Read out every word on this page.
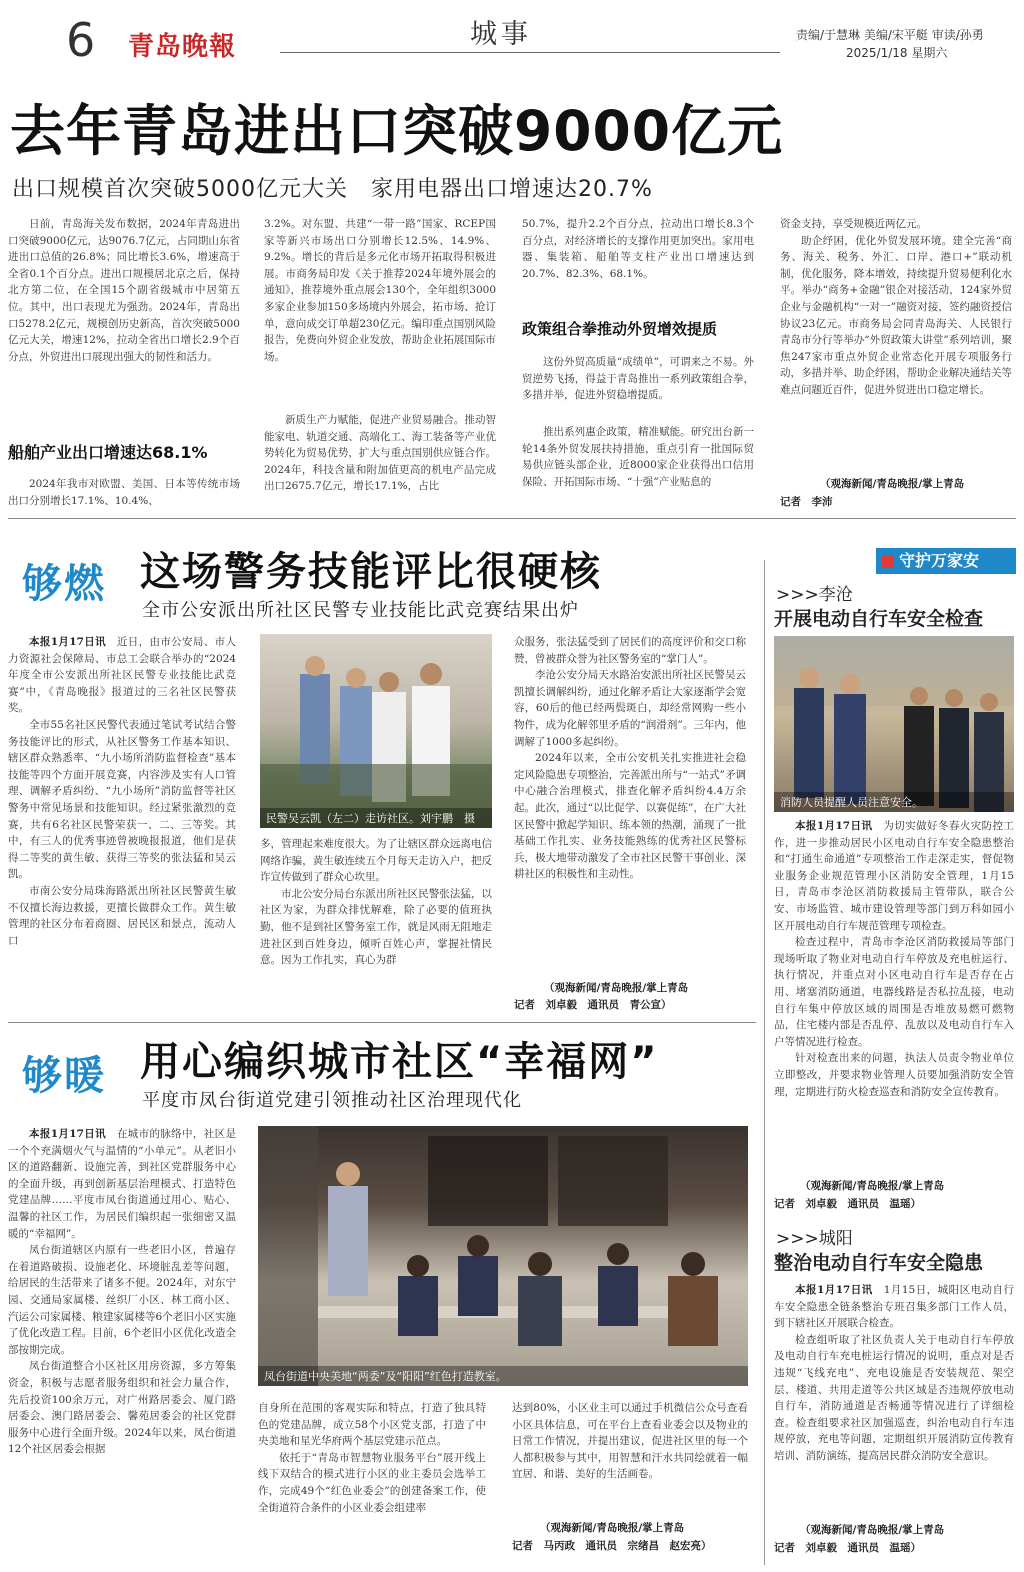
6 青岛晚報	城事	责编/于慧琳 美编/宋平艇 审读/孙勇
2025/1/18 星期六
去年青岛进出口突破9000亿元
出口规模首次突破5000亿元大关　家用电器出口增速达20.7%

日前，青岛海关发布数据，2024年青岛进出口突破9000亿元，达9076.7亿元，占同期山东省进出口总值的26.8%；同比增长3.6%，增速高于全省0.1个百分点。进出口规模居北京之后，保持北方第二位，在全国15个副省级城市中居第五位。其中，出口表现尤为强劲。2024年，青岛出口5278.2亿元，规模创历史新高，首次突破5000亿元大关，增速12%，拉动全省出口增长2.9个百分点，外贸进出口展现出强大的韧性和活力。

船舶产业出口增速达68.1%

2024年我市对欧盟、美国、日本等传统市场出口分别增长17.1%、10.4%、

3.2%。对东盟、共建“一带一路”国家、RCEP国家等新兴市场出口分别增长12.5%、14.9%、9.2%。增长的背后是多元化市场开拓取得积极进展。市商务局印发《关于推荐2024年境外展会的通知》，推荐境外重点展会130个，全年组织3000多家企业参加150多场境内外展会，拓市场、抢订单，意向成交订单超230亿元。编印重点国别风险报告，免费向外贸企业发放，帮助企业拓展国际市场。

新质生产力赋能，促进产业贸易融合。推动智能家电、轨道交通、高端化工、海工装备等产业优势转化为贸易优势，扩大与重点国别供应链合作。2024年，科技含量和附加值更高的机电产品完成出口2675.7亿元，增长17.1%，占比

50.7%，提升2.2个百分点，拉动出口增长8.3个百分点，对经济增长的支撑作用更加突出。家用电器、集装箱、船舶等支柱产业出口增速达到20.7%、82.3%、68.1%。

政策组合拳推动外贸增效提质

这份外贸高质量“成绩单”，可谓来之不易。外贸逆势飞扬，得益于青岛推出一系列政策组合拳，多措并举，促进外贸稳增提质。

推出系列惠企政策，精准赋能。研究出台新一轮14条外贸发展扶持措施，重点引育一批国际贸易供应链头部企业，近8000家企业获得出口信用保险、开拓国际市场、“十强”产业贴息的

资金支持，享受规模近两亿元。

助企纾困，优化外贸发展环境。建全完善“商务、海关、税务、外汇、口岸、港口+”联动机制，优化服务，降本增效，持续提升贸易便利化水平。举办“商务+金融”银企对接活动，124家外贸企业与金融机构“一对一”融资对接，签约融资授信协议23亿元。市商务局会同青岛海关、人民银行青岛市分行等举办“外贸政策大讲堂”系列培训，聚焦247家市重点外贸企业常态化开展专项服务行动，多措并举、助企纾困，帮助企业解决通结关等难点问题近百件，促进外贸进出口稳定增长。

（观海新闻/青岛晚报/掌上青岛
记者　李沛
够燃 这场警务技能评比很硬核
全市公安派出所社区民警专业技能比武竞赛结果出炉

本报1月17日讯　 近日，由市公安局、市人力资源社会保障局、市总工会联合举办的“2024年度全市公安派出所社区民警专业技能比武竞赛”中，《青岛晚报》报道过的三名社区民警获奖。

全市55名社区民警代表通过笔试考试结合警务技能评比的形式，从社区警务工作基本知识、辖区群众熟悉率、“九小场所消防监督检查”基本技能等四个方面开展竞赛，内容涉及实有人口管理、调解矛盾纠纷、“九小场所”消防监督等社区警务中常见场景和技能知识。经过紧张激烈的竞赛，共有6名社区民警荣获一、二、三等奖。其中，有三人的优秀事迹曾被晚报报道，他们是获得二等奖的黄生敏、获得三等奖的张法猛和吴云凯。

市南公安分局珠海路派出所社区民警黄生敏不仅擅长海边救援，更擅长做群众工作。黄生敏管理的社区分布着商圈、居民区和景点，流动人口

民警吴云凯（左二）走访社区。刘宇鹏　摄

多，管理起来难度很大。为了让辖区群众远离电信网络诈骗，黄生敏连续五个月每天走访入户，把反诈宣传做到了群众心坎里。

市北公安分局台东派出所社区民警张法猛，以社区为家，为群众排忧解难，除了必要的值班执勤，他不是到社区警务室工作，就是风雨无阻地走进社区到百姓身边，倾听百姓心声，掌握社情民意。因为工作扎实，真心为群

众服务，张法猛受到了居民们的高度评价和交口称赞，曾被群众誉为社区警务室的“掌门人”。

李沧公安分局天水路治安派出所社区民警吴云凯擅长调解纠纷，通过化解矛盾让大家逐渐学会宽容，60后的他已经两鬓斑白，却经常网购一些小物件，成为化解邻里矛盾的“润滑剂”。三年内，他调解了1000多起纠纷。

2024年以来，全市公安机关扎实推进社会稳定风险隐患专项整治，完善派出所与“一站式”矛调中心融合治理模式，排查化解矛盾纠纷4.4万余起。此次，通过“以比促学、以赛促练”，在广大社区民警中掀起学知识、练本领的热潮，涌现了一批基础工作扎实、业务技能熟练的优秀社区民警标兵，极大地带动激发了全市社区民警干事创业、深耕社区的积极性和主动性。

（观海新闻/青岛晚报/掌上青岛
记者　刘卓毅　通讯员　青公宣）
够暖 用心编织城市社区“幸福网”
平度市凤台街道党建引领推动社区治理现代化

本报1月17日讯　 在城市的脉络中，社区是一个个充满烟火气与温情的“小单元”。从老旧小区的道路翻新、设施完善，到社区党群服务中心的全面升级，再到创新基层治理模式、打造特色党建品牌……平度市凤台街道通过用心、贴心、温馨的社区工作，为居民们编织起一张细密又温暖的“幸福网”。

凤台街道辖区内原有一些老旧小区，普遍存在着道路破损、设施老化、环境脏乱差等问题，给居民的生活带来了诸多不便。2024年，对东宁园、交通局家属楼、丝织厂小区、林工商小区、汽运公司家属楼、粮建家属楼等6个老旧小区实施了优化改造工程。目前，6个老旧小区优化改造全部按期完成。

凤台街道整合小区社区用房资源，多方筹集资金，积极与志愿者服务组织和社会力量合作，先后投资100余万元，对广州路居委会、厦门路居委会、澳门路居委会、馨苑居委会的社区党群服务中心进行全面升级。2024年以来，凤台街道12个社区居委会根据

凤台街道中央美地“两委”及“阳阳”红色打造教室。

自身所在范围的客观实际和特点，打造了独具特色的党建品牌，成立58个小区党支部，打造了中央美地和星光华府两个基层党建示范点。

依托于“青岛市智慧物业服务平台”展开线上线下双结合的模式进行小区的业主委员会选举工作，完成49个“红色业委会”的创建备案工作，使全街道符合条件的小区业委会组建率

达到80%，小区业主可以通过手机微信公众号查看小区具体信息，可在平台上查看业委会以及物业的日常工作情况，并提出建议，促进社区里的每一个人都积极参与其中，用智慧和汗水共同绘就着一幅宜居、和谐、美好的生活画卷。

（观海新闻/青岛晚报/掌上青岛
记者　马丙政　通讯员　宗绪昌　赵宏亮）
守护万家安
>>>李沧
开展电动自行车安全检查
消防人员提醒人员注意安全。

本报1月17日讯　 为切实做好冬春火灾防控工作，进一步推动居民小区电动自行车安全隐患整治和“打通生命通道”专项整治工作走深走实，督促物业服务企业规范管理小区消防安全管理，1月15日，青岛市李沧区消防救援局主管带队，联合公安、市场监管、城市建设管理等部门到万科如园小区开展电动自行车规范管理专项检查。

检查过程中，青岛市李沧区消防救援局等部门现场听取了物业对电动自行车停放及充电桩运行、执行情况，并重点对小区电动自行车是否存在占用、堵塞消防通道，电器线路是否私拉乱接，电动自行车集中停放区域的周围是否堆放易燃可燃物品，住宅楼内部是否乱停、乱放以及电动自行车入户等情况进行检查。

针对检查出来的问题，执法人员责令物业单位立即整改，并要求物业管理人员要加强消防安全管理，定期进行防火检查巡查和消防安全宣传教育。

（观海新闻/青岛晚报/掌上青岛
记者　刘卓毅　通讯员　温瑶）
>>>城阳
整治电动自行车安全隐患

本报1月17日讯　 1月15日，城阳区电动自行车安全隐患全链条整治专班召集多部门工作人员，到下辖社区开展联合检查。

检查组听取了社区负责人关于电动自行车停放及电动自行车充电桩运行情况的说明，重点对是否违规“飞线充电”、充电设施是否安装规范、架空层、楼道、共用走道等公共区域是否违规停放电动自行车，消防通道是否畅通等情况进行了详细检查。检查组要求社区加强巡查，纠治电动自行车违规停放，充电等问题，定期组织开展消防宣传教育培训、消防演练，提高居民群众消防安全意识。

（观海新闻/青岛晚报/掌上青岛
记者　刘卓毅　通讯员　温瑶）
